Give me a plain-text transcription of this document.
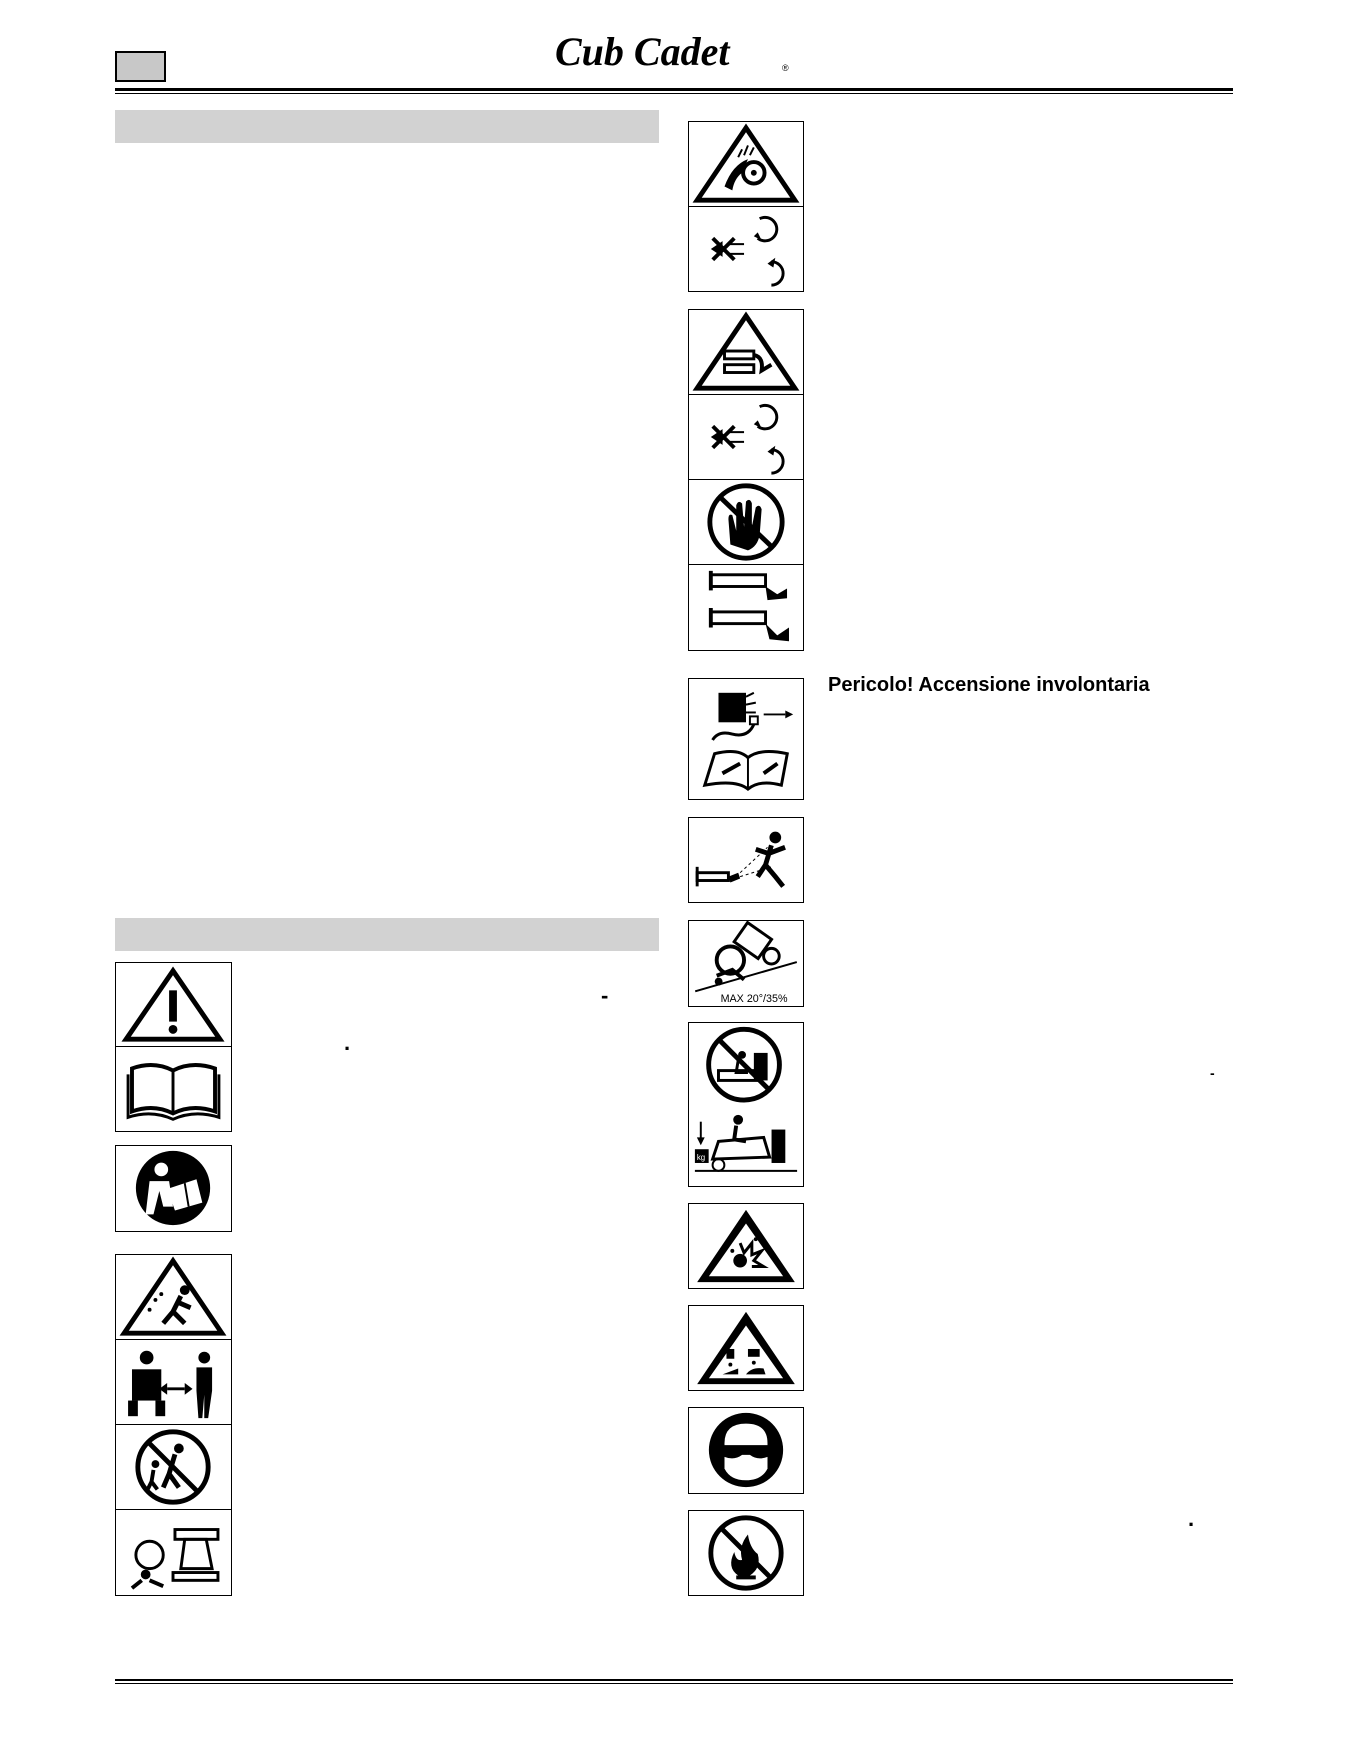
Cub Cadet	®
MAX 20°/35%
kg
Pericolo! Accensione involontaria
-
.
-
.
